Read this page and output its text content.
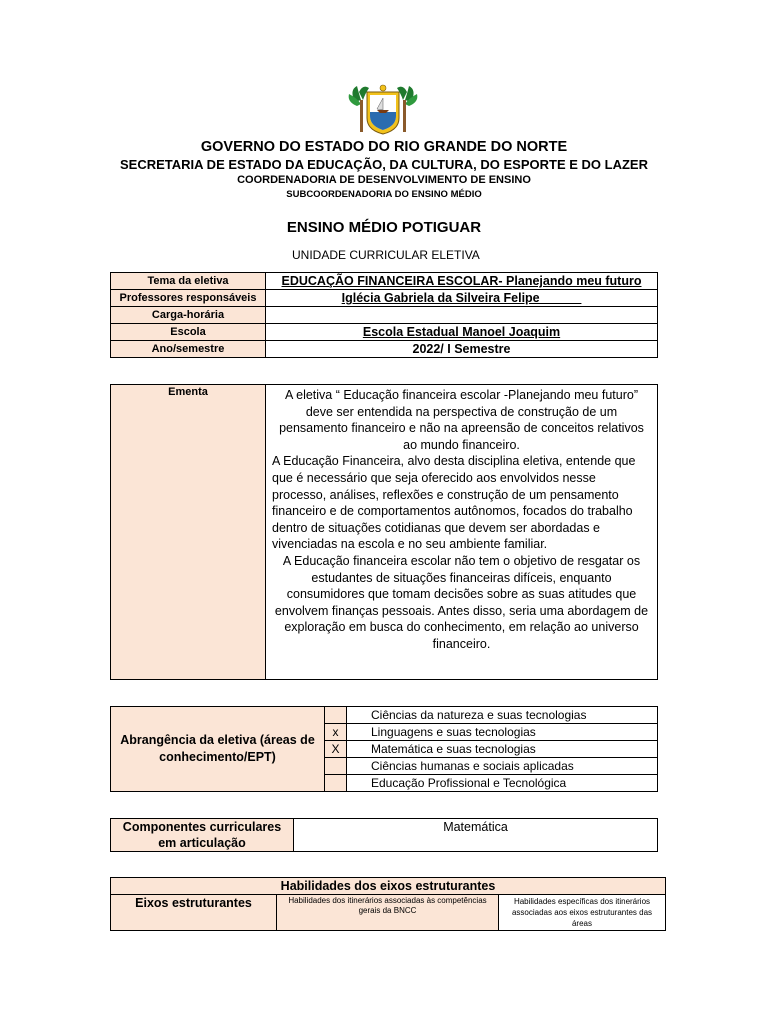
GOVERNO DO ESTADO DO RIO GRANDE DO NORTE
SECRETARIA DE ESTADO DA EDUCAÇÃO, DA CULTURA, DO ESPORTE E DO LAZER
COORDENADORIA DE DESENVOLVIMENTO DE ENSINO
SUBCOORDENADORIA DO ENSINO MÉDIO
ENSINO MÉDIO POTIGUAR
UNIDADE CURRICULAR ELETIVA
Tema da eletiva	EDUCAÇÃO FINANCEIRA ESCOLAR- Planejando meu futuro
Professores responsáveis	Iglécia Gabriela da Silveira Felipe______
Carga-horária	
Escola	Escola Estadual Manoel Joaquim
Ano/semestre	2022/ I Semestre
Ementa	A eletiva “ Educação financeira escolar -Planejando meu futuro” deve ser entendida na perspectiva de construção de um pensamento financeiro e não na apreensão de conceitos relativos ao mundo financeiro.

A Educação Financeira, alvo desta disciplina eletiva, entende que que é necessário que seja oferecido aos envolvidos nesse processo, análises, reflexões e construção de um pensamento financeiro e de comportamentos autônomos, focados do trabalho dentro de situações cotidianas que devem ser abordadas e vivenciadas na escola e no seu ambiente familiar.

A Educação financeira escolar não tem o objetivo de resgatar os estudantes de situações financeiras difíceis, enquanto consumidores que tomam decisões sobre as suas atitudes que envolvem finanças pessoais. Antes disso, seria uma abordagem de exploração em busca do conhecimento, em relação ao universo financeiro.

Abrangência da eletiva (áreas de conhecimento/EPT)		Ciências da natureza e suas tecnologias
	x	Linguagens e suas tecnologias
	X	Matemática e suas tecnologias
		Ciências humanas e sociais aplicadas
		Educação Profissional e Tecnológica
Componentes curriculares em articulação	Matemática
Habilidades dos eixos estruturantes
Eixos estruturantes	Habilidades dos itinerários associadas às competências gerais da BNCC	Habilidades específicas dos itinerários associadas aos eixos estruturantes das áreas
